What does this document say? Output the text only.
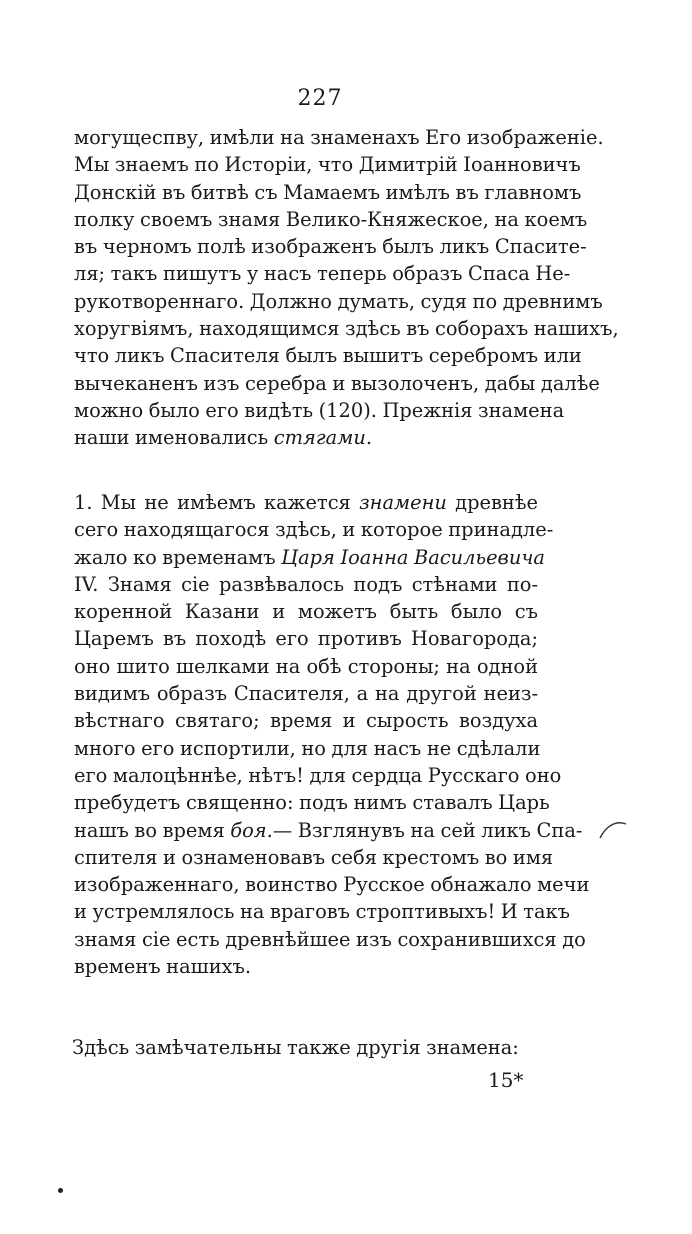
227
могущеспву, имѣли на знаменахъ Его изображеніе.
Мы знаемъ по Исторіи, что Димитрій Іоанновичъ
Донскій въ битвѣ съ Мамаемъ имѣлъ въ главномъ
полку своемъ знамя Велико-Княжеское, на коемъ
въ черномъ полѣ изображенъ былъ ликъ Спасите-
ля; такъ пишутъ у насъ теперь образъ Спаса Не-
рукотвореннаго. Должно думать, судя по древнимъ
хоругвіямъ, находящимся здѣсь въ соборахъ нашихъ,
что ликъ Спасителя былъ вышитъ серебромъ или
вычеканенъ изъ серебра и вызолоченъ, дабы далѣе
можно было его видѣть (120). Прежнія знамена
наши именовались стягами.
1. Мы не имѣемъ кажется знамени древнѣе
сего находящагося здѣсь, и которое принадле-
жало ко временамъ Царя Іоанна Васильевича
IV. Знамя сіе развѣвалось подъ стѣнами по-
коренной Казани и можетъ быть было съ
Царемъ въ походѣ его противъ Новагорода;
оно шито шелками на обѣ стороны; на одной
видимъ образъ Спасителя, а на другой неиз-
вѣстнаго святаго; время и сырость воздуха
много его испортили, но для насъ не сдѣлали
его малоцѣннѣе, нѣтъ! для сердца Русскаго оно
пребудетъ священно: подъ нимъ ставалъ Царь
нашъ во время боя.— Взглянувъ на сей ликъ Спа-
спителя и ознаменовавъ себя крестомъ во имя
изображеннаго, воинство Русское обнажало мечи
и устремлялось на враговъ строптивыхъ! И такъ
знамя сіе есть древнѣйшее изъ сохранившихся до
временъ нашихъ.
Здѣсь замѣчательны также другія знамена:
15*
